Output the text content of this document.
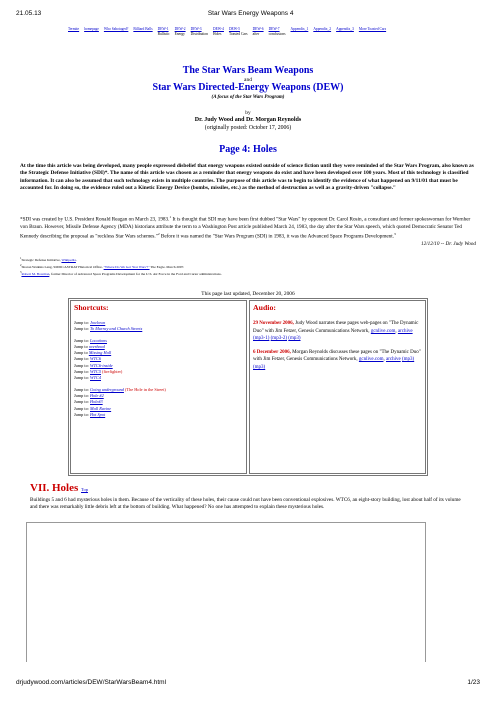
21.05.13	Star Wars Energy Weapons 4
Termite homepage Who Sabotaged? Billiard Balls DEW-1
Ballistic
DEW-2
Energy
DEW-3
Distribution
DEW-4
Holes
DEW-5
Toasted Cars
DEW-6
after
DEW-7
conclusions
Appendix_1 Appendix_2 Appendix_3 More Toasted Cars
The Star Wars Beam Weapons
and
Star Wars Directed-Energy Weapons (DEW)
(A focus of the Star Wars Program)
by
Dr. Judy Wood and Dr. Morgan Reynolds
(originally posted: October 17, 2006)
Page 4: Holes
At the time this article was being developed, many people expressed disbelief that energy weapons existed outside of science fiction until they were reminded of the Star Wars Program, also known as the Strategic Defense Initiative (SDI)*. The name of this article was chosen as a reminder that energy weapons do exist and have been developed over 100 years. Most of this technology is classified information. It can also be assumed that such technology exists in multiple countries. The purpose of this article was to begin to identify the evidence of what happened on 9/11/01 that must be accounted for. In doing so, the evidence ruled out a Kinetic Energy Device (bombs, missiles, etc.) as the method of destruction as well as a gravity-driven "collapse."
*SDI was created by U.S. President Ronald Reagan on March 23, 1983.$^1$ It is thought that SDI may have been first dubbed "Star Wars" by opponent Dr. Carol Rosin, a consultant and former spokeswoman for Wernher von Braun. However, Missile Defense Agency (MDA) historians attribute the term to a Washington Post article published March 24, 1983, the day after the Star Wars speech, which quoted Democratic Senator Ted Kennedy describing the proposal as "reckless Star Wars schemes."$^2$ Before it was named the "Star Wars Program (SDI) in 1983, it was the Advanced Space Programs Development.$^3$
12/12/10 -- Dr. Judy Wood
$^1$Strategic Defense Initiative, Wikipedia.
$^2$Sharon Watkins Lang, SMDC/ASTRAT Historical Office. "Where Do We Get 'Star Wars'?" The Eagle. March 2007.
$^3$Robert M. Bowman, former Director of Advanced Space Programs Development for the U.S. Air Force in the Ford and Carter administrations.
This page last updated, December 20, 2006
Shortcuts:
Jump to: Jowlown
Jump to: To Murray and Church Streets
Jump to: Locations
Jump to overhead
Jump to Missing Hall
Jump to: WTC6
Jump to: WTC6-inside
Jump to: WTC5 (firefighter)
Jump to: WTC4
Jump to: Going underground (The Hole in the Street)
Jump to: Hole #2
Jump to: Hole#3
Jump to: Mall Ravine
Jump to: Hot Spot
Audio:
29 November 2006, Judy Wood narrates these pages web-pages on "The Dynamic Duo" with Jim Fetzer, Genesis Communications Network, gcnlive.com, archive (mp3-1) (mp3-2) (mp3)
6 December 2006, Morgan Reynolds discusses these pages on "The Dynamic Duo" with Jim Fetzer, Genesis Communications Network, gcnlive.com, archive (mp3) (mp3)
VII. Holes Top
Buildings 5 and 6 had mysterious holes in them. Because of the verticality of these holes, their cause could not have been conventional explosives. WTC6, an eight-story building, lost about half of its volume and there was remarkably little debris left at the bottom of building. What happened? No one has attempted to explain these mysterious holes.
drjudywood.com/articles/DEW/StarWarsBeam4.html	1/23
